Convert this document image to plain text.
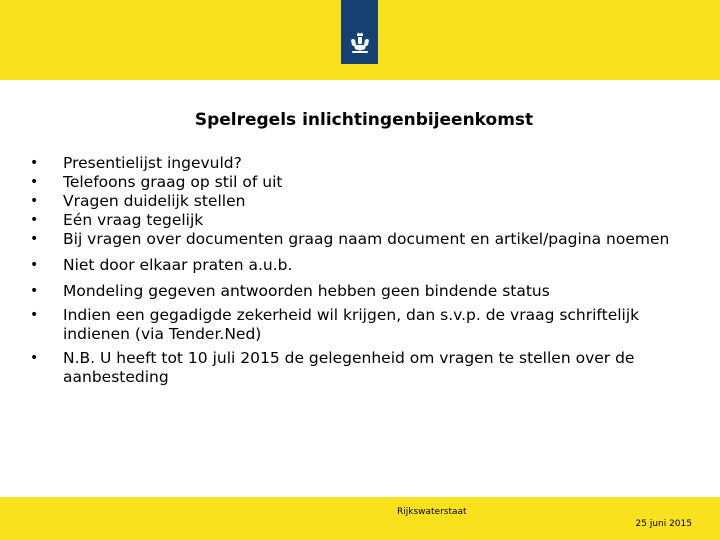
Spelregels inlichtingenbijeenkomst
• Presentielijst ingevuld?
• Telefoons graag op stil of uit
• Vragen duidelijk stellen
• Eén vraag tegelijk
• Bij vragen over documenten graag naam document en artikel/pagina noemen
• Niet door elkaar praten a.u.b.
• Mondeling gegeven antwoorden hebben geen bindende status
• Indien een gegadigde zekerheid wil krijgen, dan s.v.p. de vraag schriftelijk indienen (via Tender.Ned)
• N.B. U heeft tot 10 juli 2015 de gelegenheid om vragen te stellen over de aanbesteding
Rijkswaterstaat
25 juni 2015
